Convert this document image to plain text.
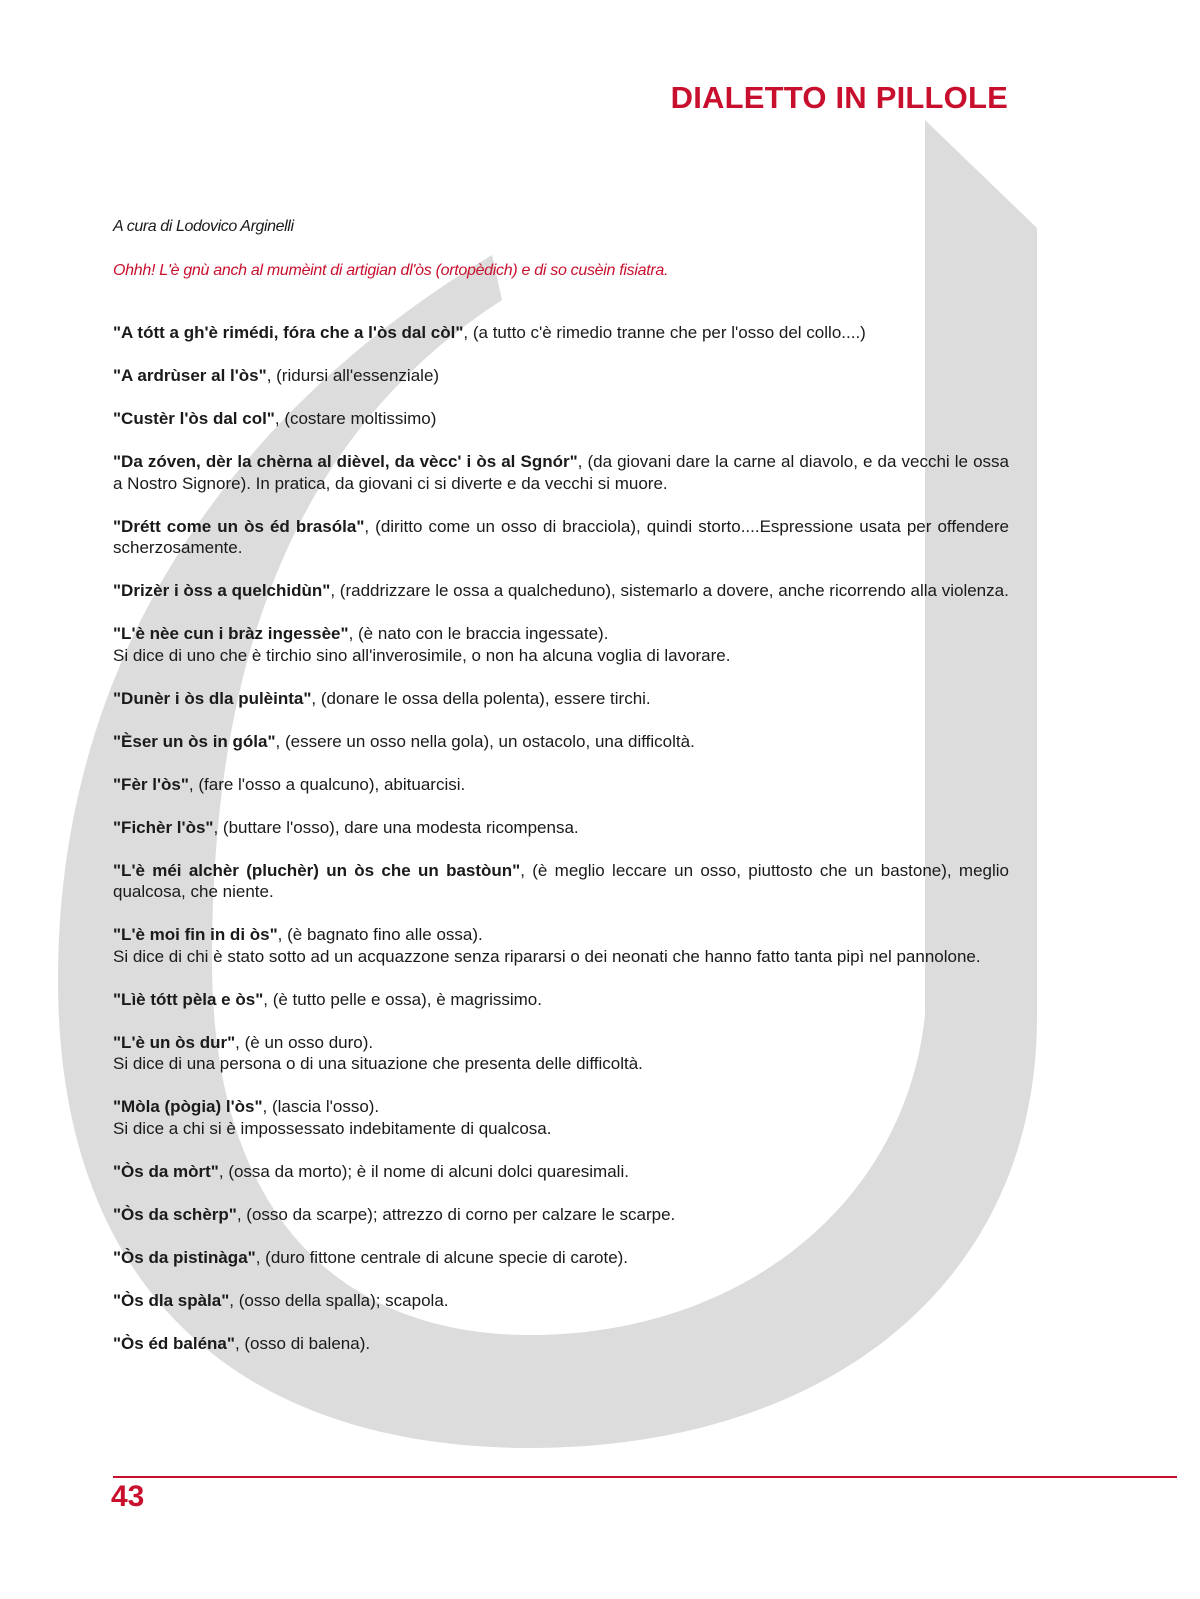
DIALETTO IN PILLOLE

A cura di Lodovico Arginelli

Ohhh! L'è gnù anch al mumèint di artigian dl'òs (ortopèdich) e di so cusèin fisiatra.

"A tótt a gh'è rimédi, fóra che a l'òs dal còl", (a tutto c'è rimedio tranne che per l'osso del collo....)

"A ardrùser al l'òs", (ridursi all'essenziale)

"Custèr l'òs dal col", (costare moltissimo)

"Da zóven, dèr la chèrna al dièvel, da vècc' i òs al Sgnór", (da giovani dare la carne al diavolo, e da vecchi le ossa a Nostro Signore). In pratica, da giovani ci si diverte e da vecchi si muore.

"Drétt come un òs éd brasóla", (diritto come un osso di bracciola), quindi storto....Espressione usata per offendere scherzosamente.

"Drizèr i òss a quelchidùn", (raddrizzare le ossa a qualcheduno), sistemarlo a dovere, anche ricorrendo alla violenza.

"L'è nèe cun i bràz ingessèe", (è nato con le braccia ingessate).
Si dice di uno che è tirchio sino all'inverosimile, o non ha alcuna voglia di lavorare.

"Dunèr i òs dla pulèinta", (donare le ossa della polenta), essere tirchi.

"Èser un òs in góla", (essere un osso nella gola), un ostacolo, una difficoltà.

"Fèr l'òs", (fare l'osso a qualcuno), abituarcisi.

"Fichèr l'òs", (buttare l'osso), dare una modesta ricompensa.

"L'è méi alchèr (pluchèr) un òs che un bastòun", (è meglio leccare un osso, piuttosto che un bastone), meglio qualcosa, che niente.

"L'è moi fin in di òs", (è bagnato fino alle ossa).
Si dice di chi è stato sotto ad un acquazzone senza ripararsi o dei neonati che hanno fatto tanta pipì nel pannolone.

"Lìè tótt pèla e òs", (è tutto pelle e ossa), è magrissimo.

"L'è un òs dur", (è un osso duro).
Si dice di una persona o di una situazione che presenta delle difficoltà.

"Mòla (pògia) l'òs", (lascia l'osso).
Si dice a chi si è impossessato indebitamente di qualcosa.

"Òs da mòrt", (ossa da morto); è il nome di alcuni dolci quaresimali.

"Òs da schèrp", (osso da scarpe); attrezzo di corno per calzare le scarpe.

"Òs da pistinàga", (duro fittone centrale di alcune specie di carote).

"Òs dla spàla", (osso della spalla); scapola.

"Òs éd baléna", (osso di balena).

43
